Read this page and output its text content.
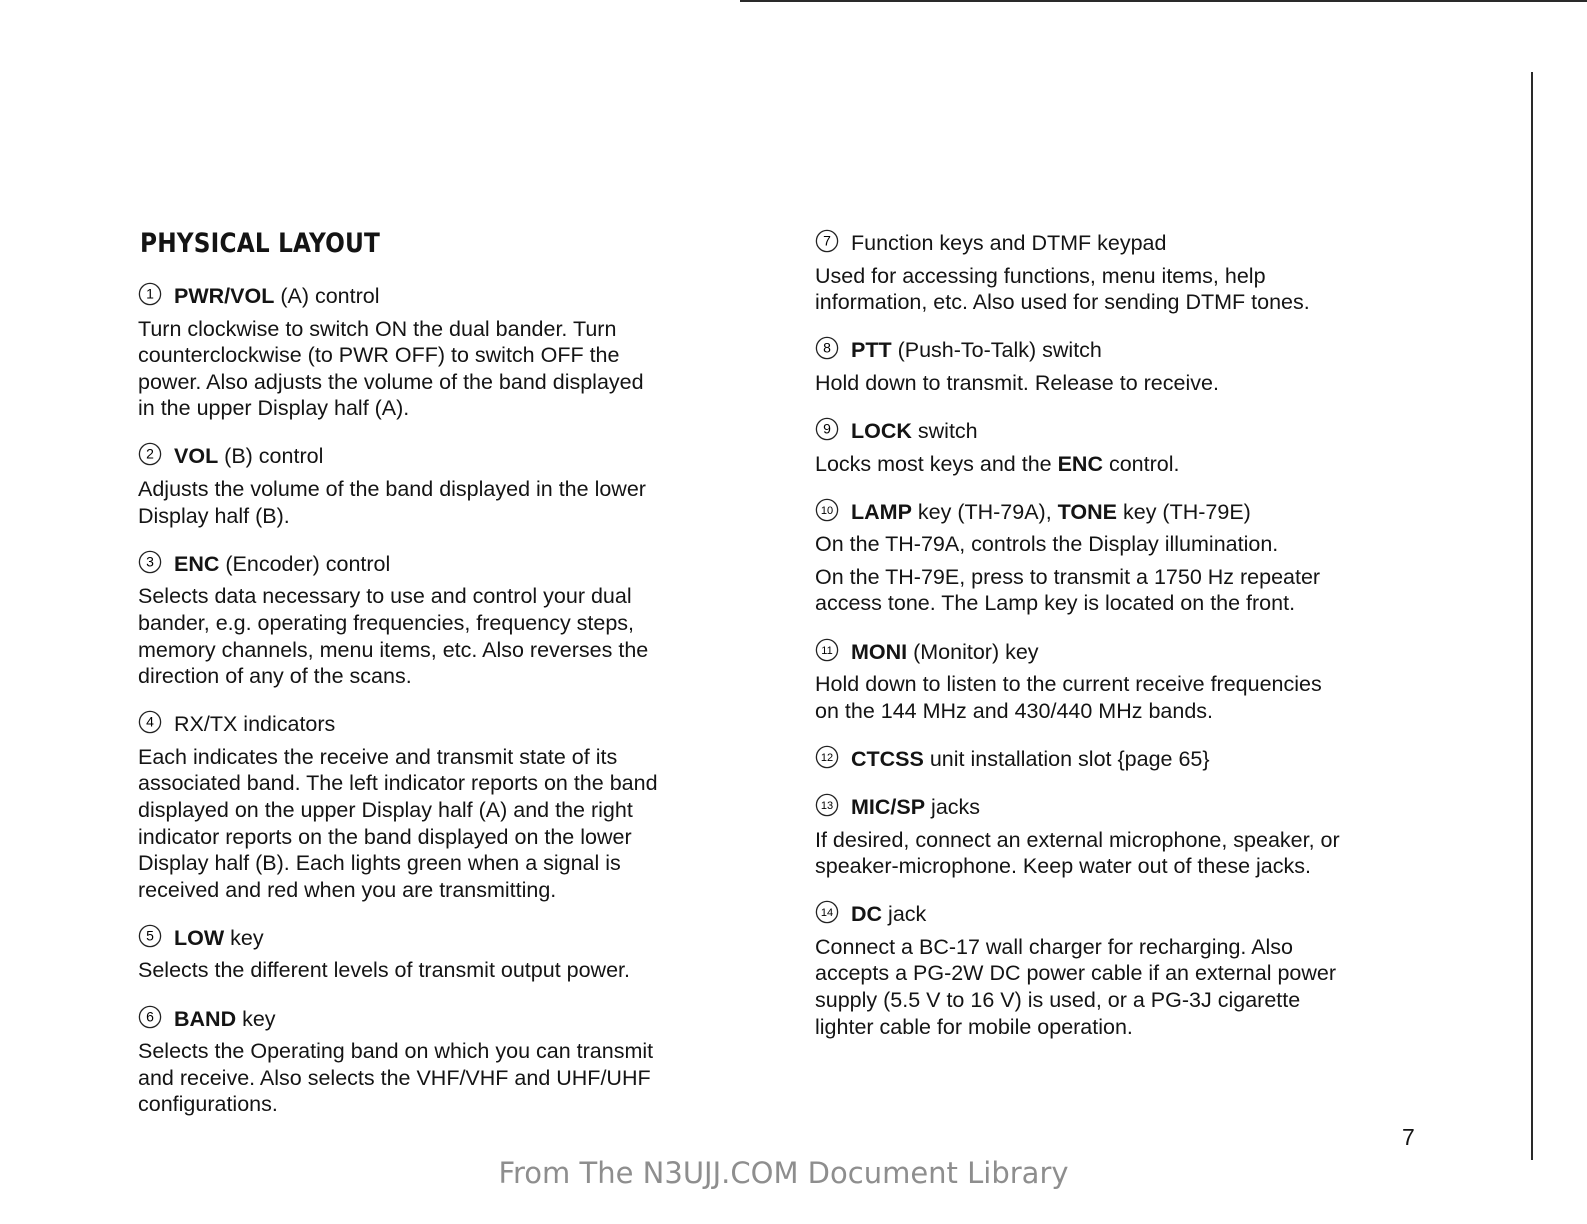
PHYSICAL LAYOUT
1 PWR/VOL (A) control
Turn clockwise to switch ON the dual bander. Turn
counterclockwise (to PWR OFF) to switch OFF the
power. Also adjusts the volume of the band displayed
in the upper Display half (A).
2 VOL (B) control
Adjusts the volume of the band displayed in the lower
Display half (B).
3 ENC (Encoder) control
Selects data necessary to use and control your dual
bander, e.g. operating frequencies, frequency steps,
memory channels, menu items, etc. Also reverses the
direction of any of the scans.
4 RX/TX indicators
Each indicates the receive and transmit state of its
associated band. The left indicator reports on the band
displayed on the upper Display half (A) and the right
indicator reports on the band displayed on the lower
Display half (B). Each lights green when a signal is
received and red when you are transmitting.
5 LOW key
Selects the different levels of transmit output power.
6 BAND key
Selects the Operating band on which you can transmit
and receive. Also selects the VHF/VHF and UHF/UHF
configurations.
7 Function keys and DTMF keypad
Used for accessing functions, menu items, help
information, etc. Also used for sending DTMF tones.
8 PTT (Push-To-Talk) switch
Hold down to transmit. Release to receive.
9 LOCK switch
Locks most keys and the ENC control.
10 LAMP key (TH-79A), TONE key (TH-79E)
On the TH-79A, controls the Display illumination.
On the TH-79E, press to transmit a 1750 Hz repeater
access tone. The Lamp key is located on the front.
11 MONI (Monitor) key
Hold down to listen to the current receive frequencies
on the 144 MHz and 430/440 MHz bands.
12 CTCSS unit installation slot {page 65}
13 MIC/SP jacks
If desired, connect an external microphone, speaker, or
speaker-microphone. Keep water out of these jacks.
14 DC jack
Connect a BC-17 wall charger for recharging. Also
accepts a PG-2W DC power cable if an external power
supply (5.5 V to 16 V) is used, or a PG-3J cigarette
lighter cable for mobile operation.
7
From The N3UJJ.COM Document Library
